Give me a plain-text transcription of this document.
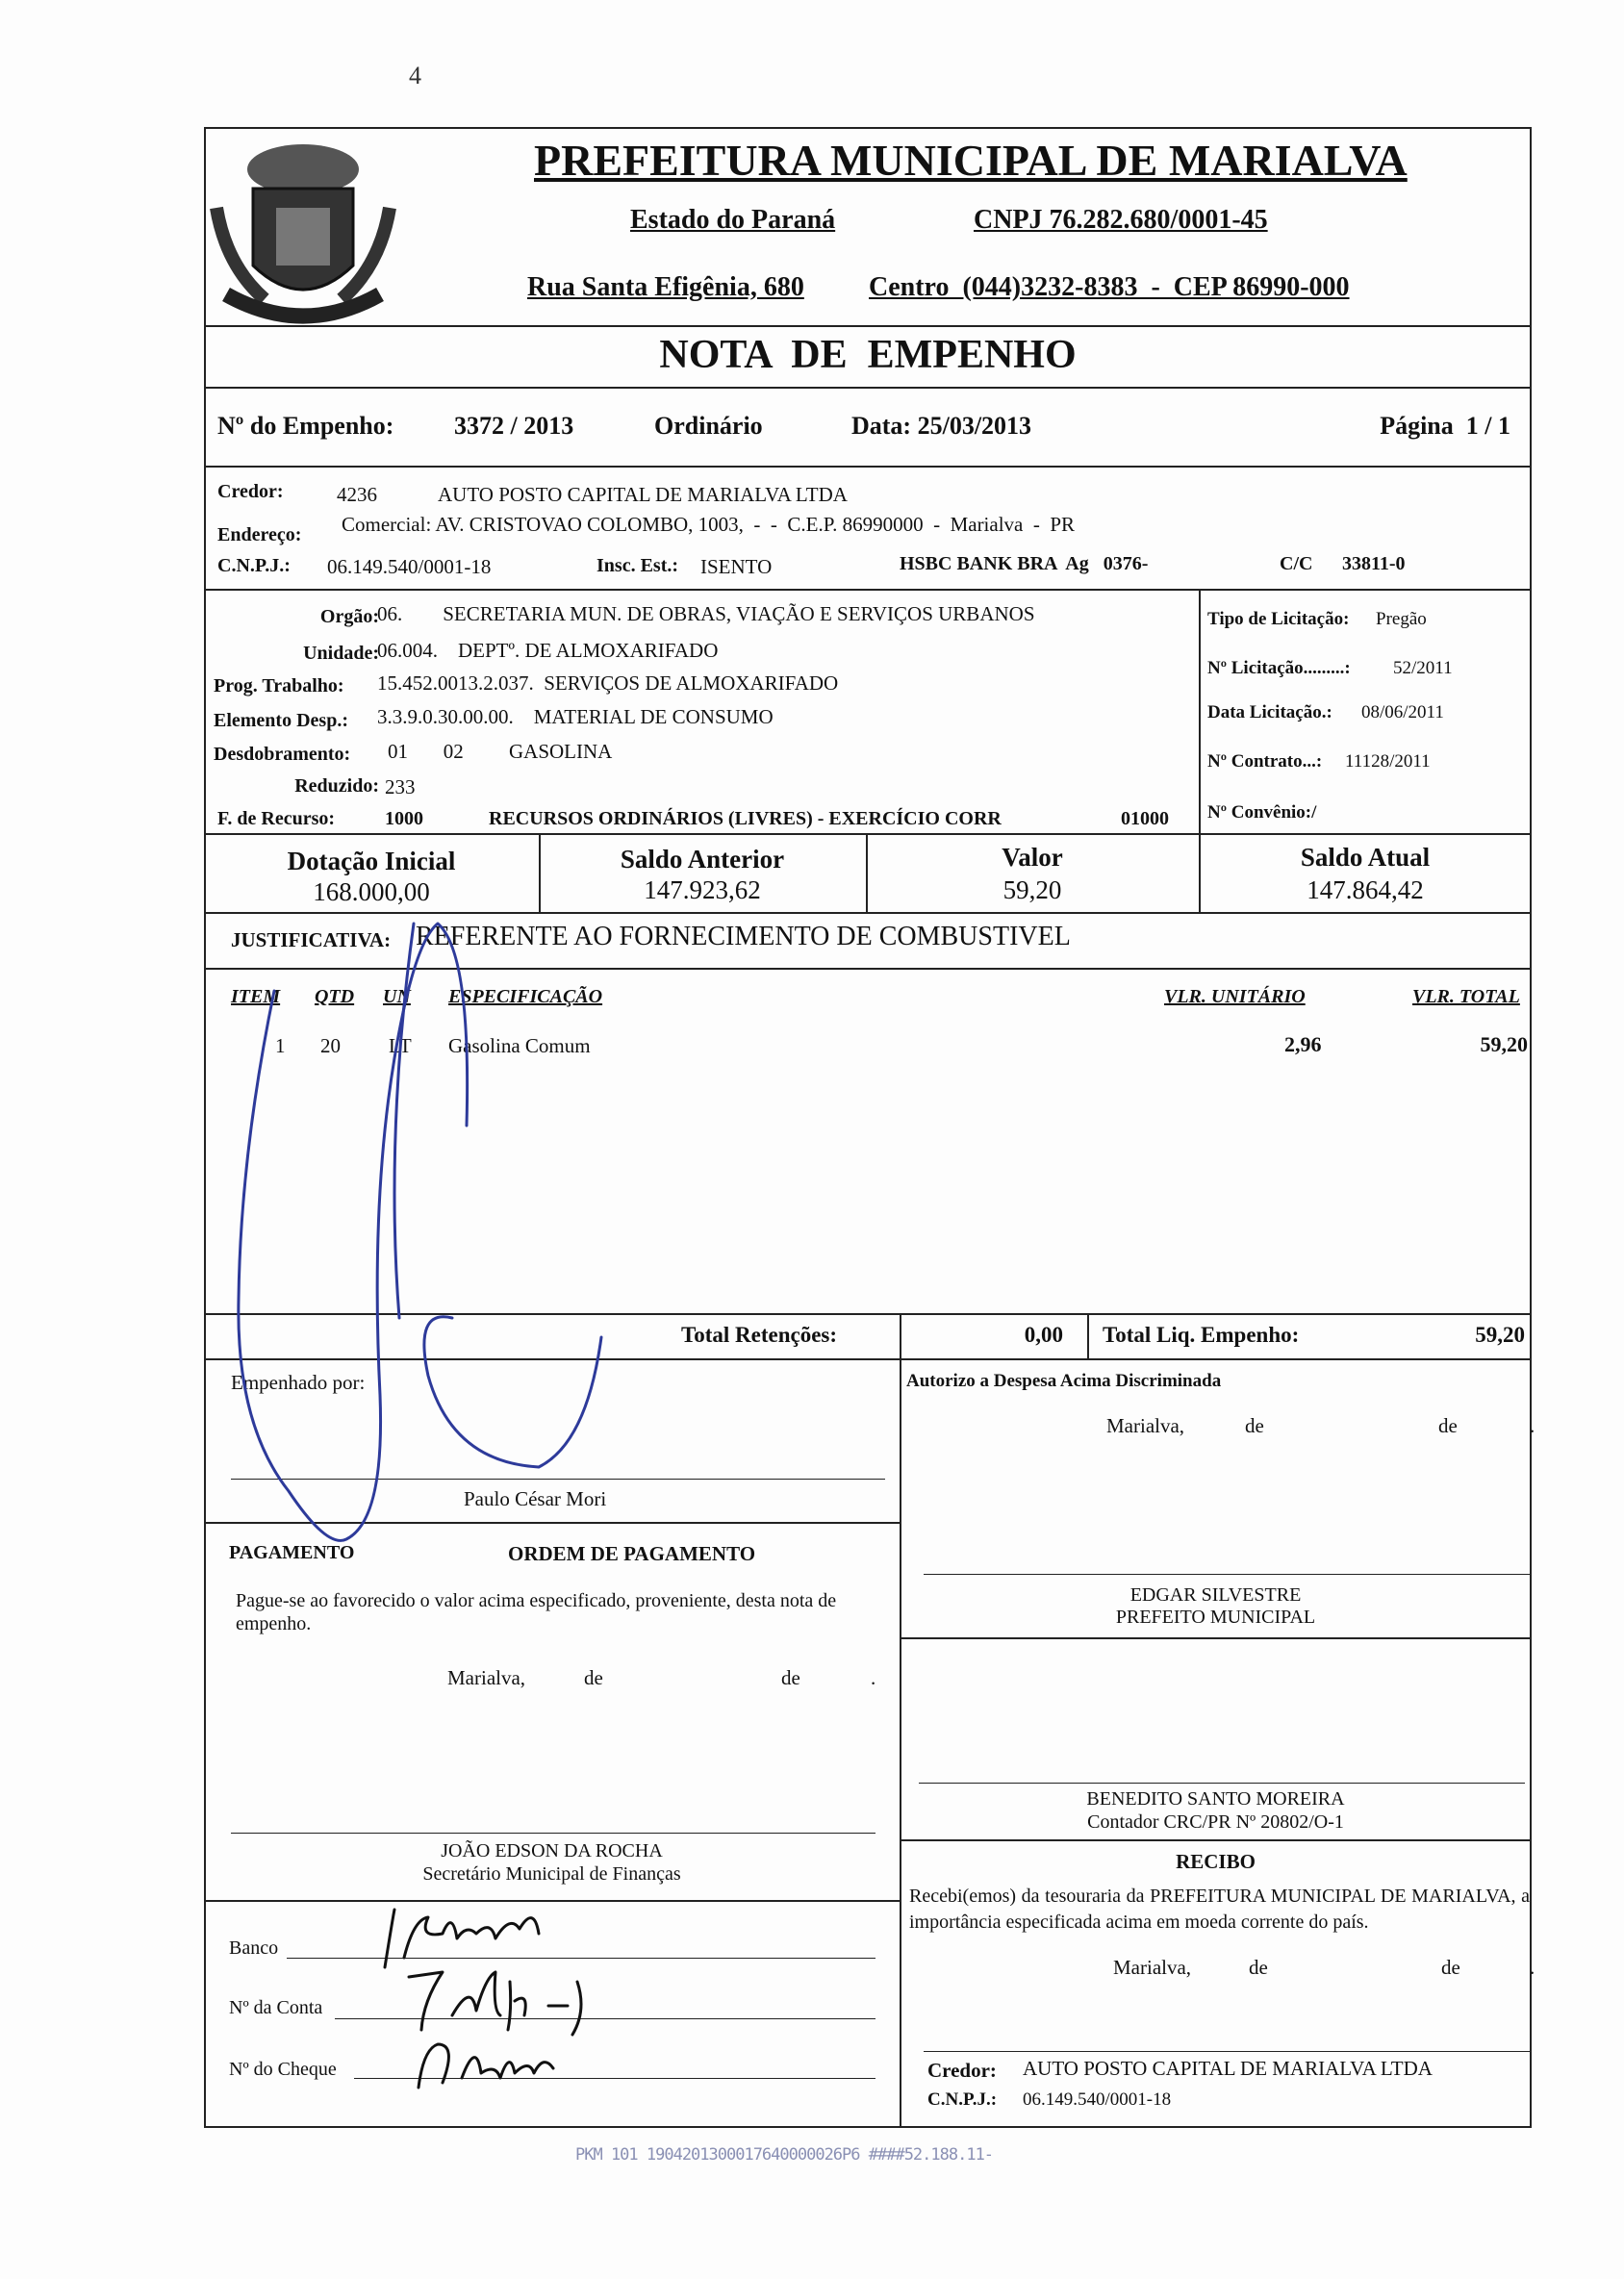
4
PREFEITURA MUNICIPAL DE MARIALVA
Estado do Paraná	CNPJ 76.282.680/0001-45
Rua Santa Efigênia, 680 Centro  (044)3232-8383  -  CEP 86990-000
NOTA  DE  EMPENHO
Nº do Empenho: 3372 / 2013	Ordinário	Data: 25/03/2013	Página  1 / 1
Credor:	4236	AUTO POSTO CAPITAL DE MARIALVA LTDA
Endereço: Comercial: AV. CRISTOVAO COLOMBO, 1003,  -  -  C.E.P. 86990000  -  Marialva  -  PR
C.N.P.J.: 06.149.540/0001-18	Insc. Est.: ISENTO	HSBC BANK BRA  Ag   0376-	C/C 33811-0
Orgão:
06.        SECRETARIA MUN. DE OBRAS, VIAÇÃO E SERVIÇOS URBANOS
Unidade:
06.004.    DEPTº. DE ALMOXARIFADO
Prog. Trabalho: 15.452.0013.2.037.  SERVIÇOS DE ALMOXARIFADO
Elemento Desp.: 3.3.9.0.30.00.00.    MATERIAL DE CONSUMO
Desdobramento: 01       02         GASOLINA
Reduzido: 233
F. de Recurso:	1000	RECURSOS ORDINÁRIOS (LIVRES) - EXERCÍCIO CORR	01000
Tipo de Licitação: Pregão
Nº Licitação.........: 52/2011
Data Licitação.: 08/06/2011
Nº Contrato...: 11128/2011
Nº Convênio:/
Dotação Inicial
168.000,00
Saldo Anterior
147.923,62
Valor
59,20
Saldo Atual
147.864,42
JUSTIFICATIVA: REFERENTE AO FORNECIMENTO DE COMBUSTIVEL
ITEM QTD UN ESPECIFICAÇÃO	VLR. UNITÁRIO	VLR. TOTAL
1 20 LT Gasolina Comum	2,96	59,20
Total Retenções:	0,00 Total Liq. Empenho:	59,20
Empenhado por:
Paulo César Mori
PAGAMENTO	ORDEM DE PAGAMENTO
Pague-se ao favorecido o valor acima especificado, proveniente, desta nota de empenho.
Marialva,	de	de	.
JOÃO EDSON DA ROCHA
Secretário Municipal de Finanças
Banco
Nº da Conta
Nº do Cheque
Autorizo a Despesa Acima Discriminada
Marialva,	de	de	.
EDGAR SILVESTRE
PREFEITO MUNICIPAL
BENEDITO SANTO MOREIRA
Contador CRC/PR Nº 20802/O-1
RECIBO
Recebi(emos) da tesouraria da PREFEITURA MUNICIPAL DE MARIALVA, a importância especificada acima em moeda corrente do país.
Marialva,	de	de	.
Credor: AUTO POSTO CAPITAL DE MARIALVA LTDA
C.N.P.J.: 06.149.540/0001-18
PKM 101 1904201300017640000026P6 ####52.188.11-
